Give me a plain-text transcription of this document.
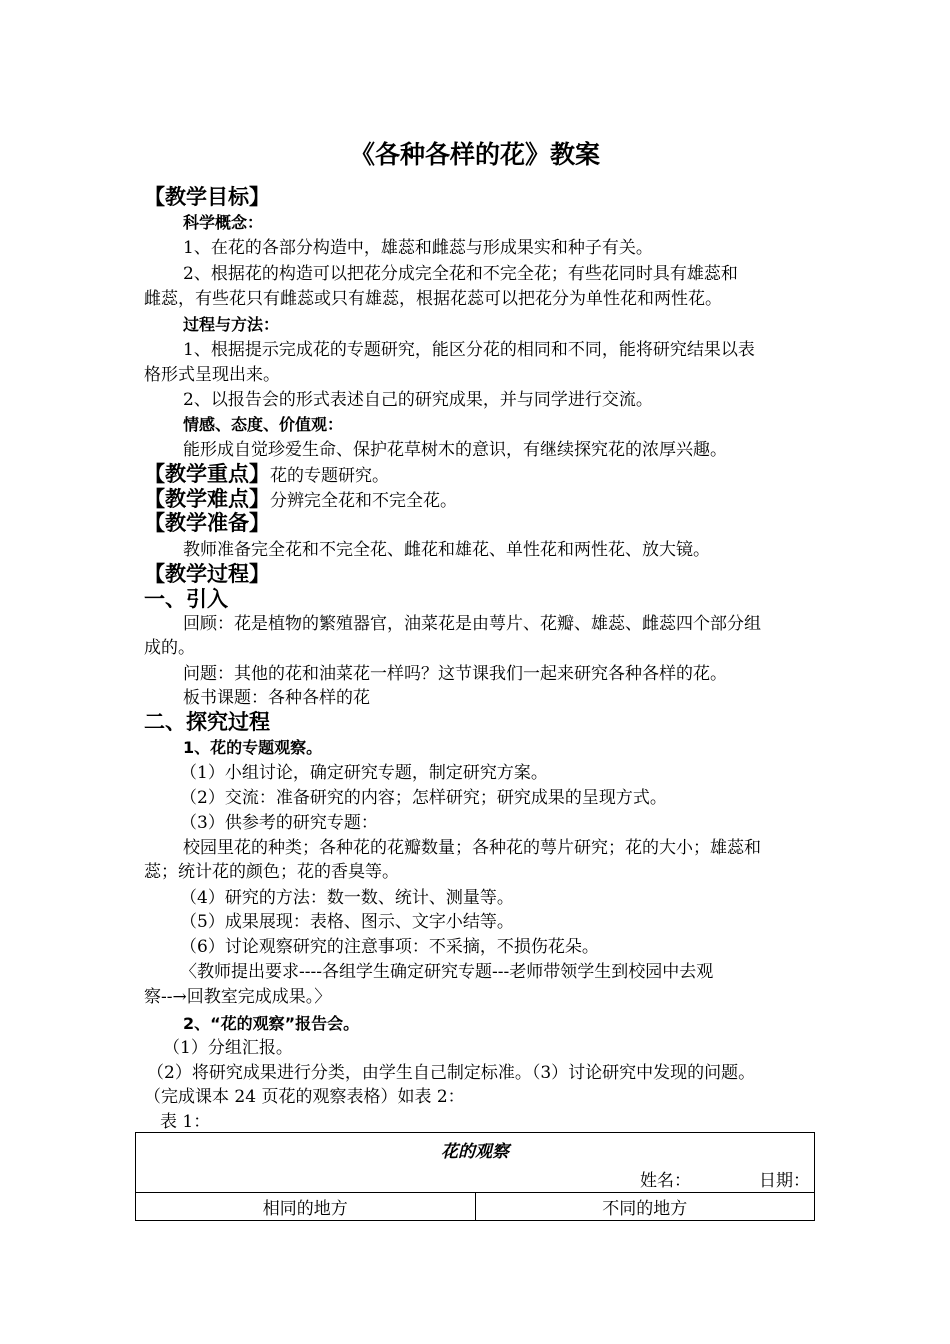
《各种各样的花》教案
【教学目标】
科学概念：
1、在花的各部分构造中，雄蕊和雌蕊与形成果实和种子有关。
2、根据花的构造可以把花分成完全花和不完全花；有些花同时具有雄蕊和
雌蕊，有些花只有雌蕊或只有雄蕊，根据花蕊可以把花分为单性花和两性花。
过程与方法：
1、根据提示完成花的专题研究，能区分花的相同和不同，能将研究结果以表
格形式呈现出来。
2、以报告会的形式表述自己的研究成果，并与同学进行交流。
情感、态度、价值观：
能形成自觉珍爱生命、保护花草树木的意识，有继续探究花的浓厚兴趣。
【教学重点】花的专题研究。
【教学难点】分辨完全花和不完全花。
【教学准备】
教师准备完全花和不完全花、雌花和雄花、单性花和两性花、放大镜。
【教学过程】
一、引入
回顾：花是植物的繁殖器官，油菜花是由萼片、花瓣、雄蕊、雌蕊四个部分组
成的。
问题：其他的花和油菜花一样吗？这节课我们一起来研究各种各样的花。
板书课题：各种各样的花
二、探究过程
1、花的专题观察。
（1）小组讨论，确定研究专题，制定研究方案。
（2）交流：准备研究的内容；怎样研究；研究成果的呈现方式。
（3）供参考的研究专题：
校园里花的种类；各种花的花瓣数量；各种花的萼片研究；花的大小；雄蕊和
蕊；统计花的颜色；花的香臭等。
（4）研究的方法：数一数、统计、测量等。
（5）成果展现：表格、图示、文字小结等。
（6）讨论观察研究的注意事项：不采摘，不损伤花朵。
〈教师提出要求----各组学生确定研究专题---老师带领学生到校园中去观
察--→回教室完成成果。〉
2、“花的观察”报告会。
（1）分组汇报。
（2）将研究成果进行分类，由学生自己制定标准。（3）讨论研究中发现的问题。
（完成课本 24 页花的观察表格）如表 2：
表 1：
花的观察
姓名：	日期：
相同的地方	不同的地方
